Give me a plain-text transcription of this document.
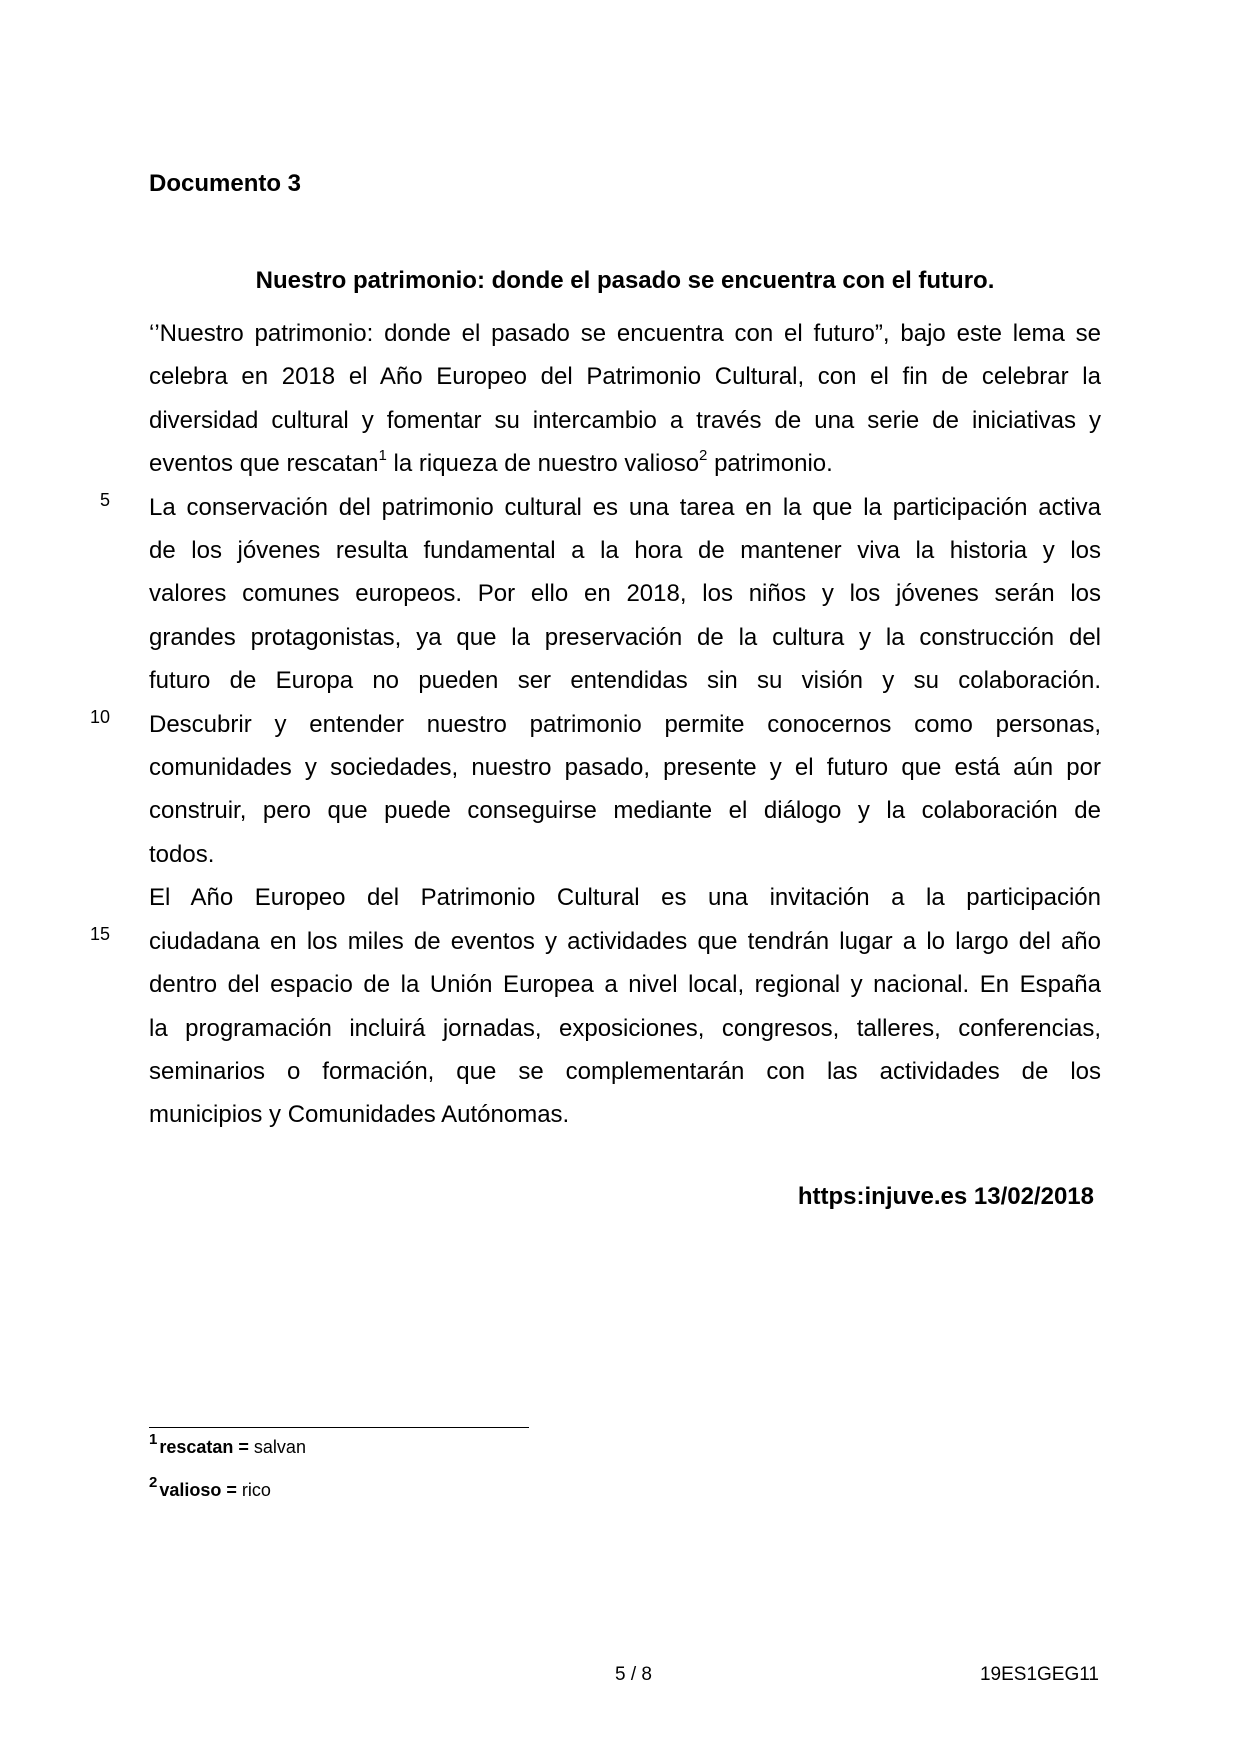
Documento 3
Nuestro patrimonio: donde el pasado se encuentra con el futuro.
5
10
15

‘’Nuestro patrimonio: donde el pasado se encuentra con el futuro”, bajo este lema se
celebra en 2018 el Año Europeo del Patrimonio Cultural, con el fin de celebrar la
diversidad cultural y fomentar su intercambio a través de una serie de iniciativas y
eventos que rescatan$^1$ la riqueza de nuestro valioso$^2$ patrimonio.

La conservación del patrimonio cultural es una tarea en la que la participación activa
de los jóvenes resulta fundamental a la hora de mantener viva la historia y los
valores comunes europeos. Por ello en 2018, los niños y los jóvenes serán los
grandes protagonistas, ya que la preservación de la cultura y la construcción del
futuro de Europa no pueden ser entendidas sin su visión y su colaboración.
Descubrir y entender nuestro patrimonio permite conocernos como personas,
comunidades y sociedades, nuestro pasado, presente y el futuro que está aún por
construir, pero que puede conseguirse mediante el diálogo y la colaboración de
todos.

El Año Europeo del Patrimonio Cultural es una invitación a la participación
ciudadana en los miles de eventos y actividades que tendrán lugar a lo largo del año
dentro del espacio de la Unión Europea a nivel local, regional y nacional. En España
la programación incluirá jornadas, exposiciones, congresos, talleres, conferencias,
seminarios o formación, que se complementarán con las actividades de los
municipios y Comunidades Autónomas.

https:injuve.es 13/02/2018

$^1$ rescatan = salvan

$^2$ valioso = rico

5 / 8	19ES1GEG11
